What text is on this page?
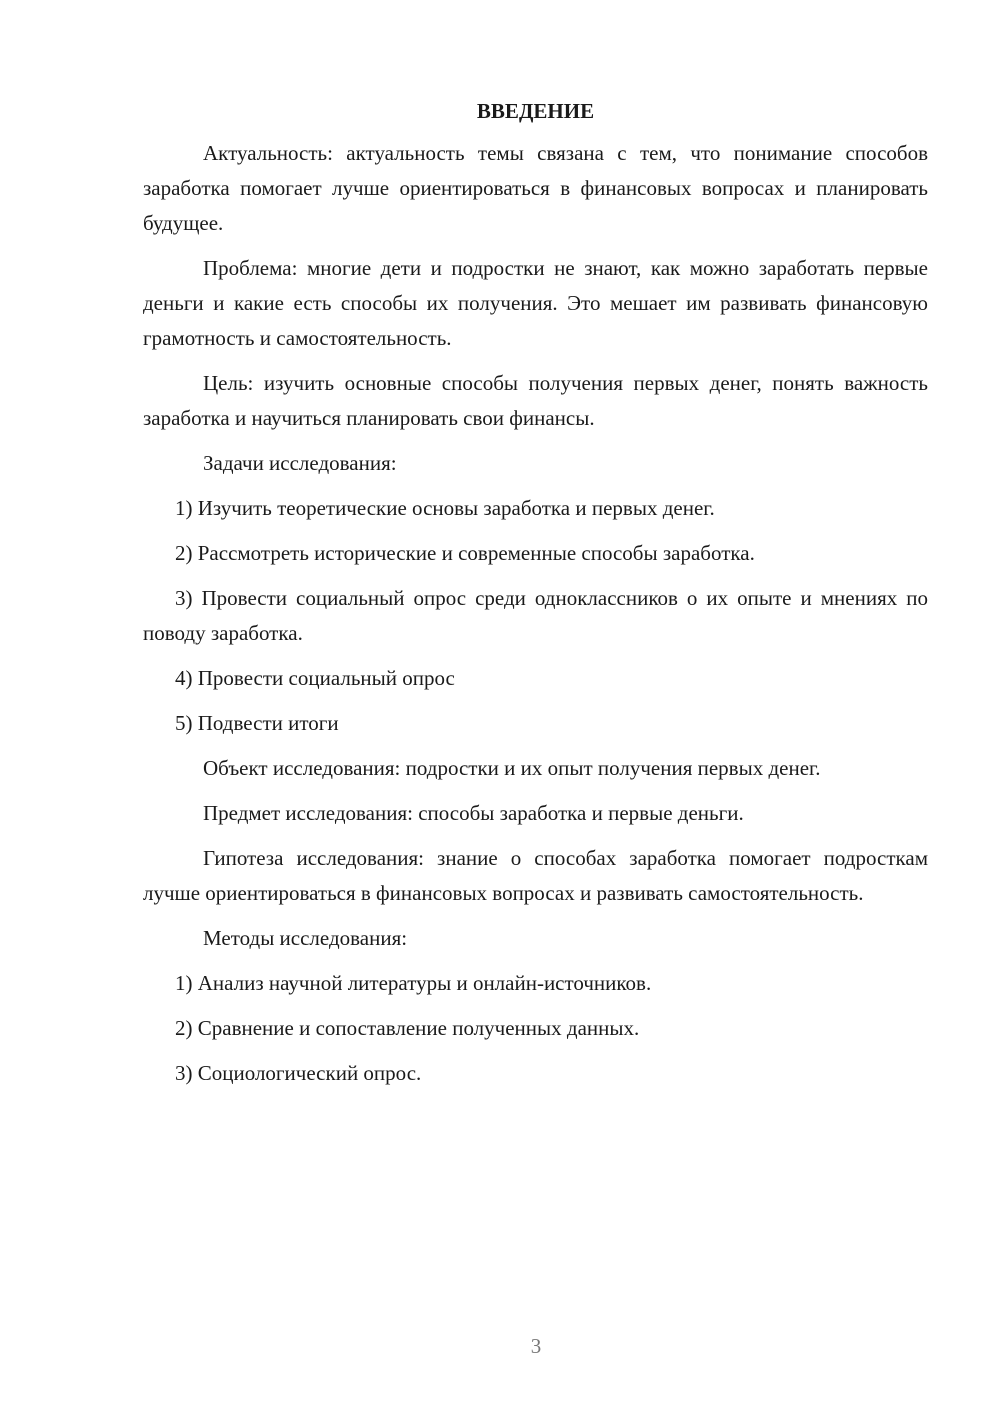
ВВЕДЕНИЕ

Актуальность: актуальность темы связана с тем, что понимание способов заработка помогает лучше ориентироваться в финансовых вопросах и планировать будущее.

Проблема: многие дети и подростки не знают, как можно заработать первые деньги и какие есть способы их получения. Это мешает им развивать финансовую грамотность и самостоятельность.

Цель: изучить основные способы получения первых денег, понять важность заработка и научиться планировать свои финансы.

Задачи исследования:

1) Изучить теоретические основы заработка и первых денег.

2) Рассмотреть исторические и современные способы заработка.

3) Провести социальный опрос среди одноклассников о их опыте и мнениях по поводу заработка.

4) Провести социальный опрос

5) Подвести итоги

Объект исследования: подростки и их опыт получения первых денег.

Предмет исследования: способы заработка и первые деньги.

Гипотеза исследования: знание о способах заработка помогает подросткам лучше ориентироваться в финансовых вопросах и развивать самостоятельность.

Методы исследования:

1) Анализ научной литературы и онлайн-источников.

2) Сравнение и сопоставление полученных данных.

3) Социологический опрос.

3
